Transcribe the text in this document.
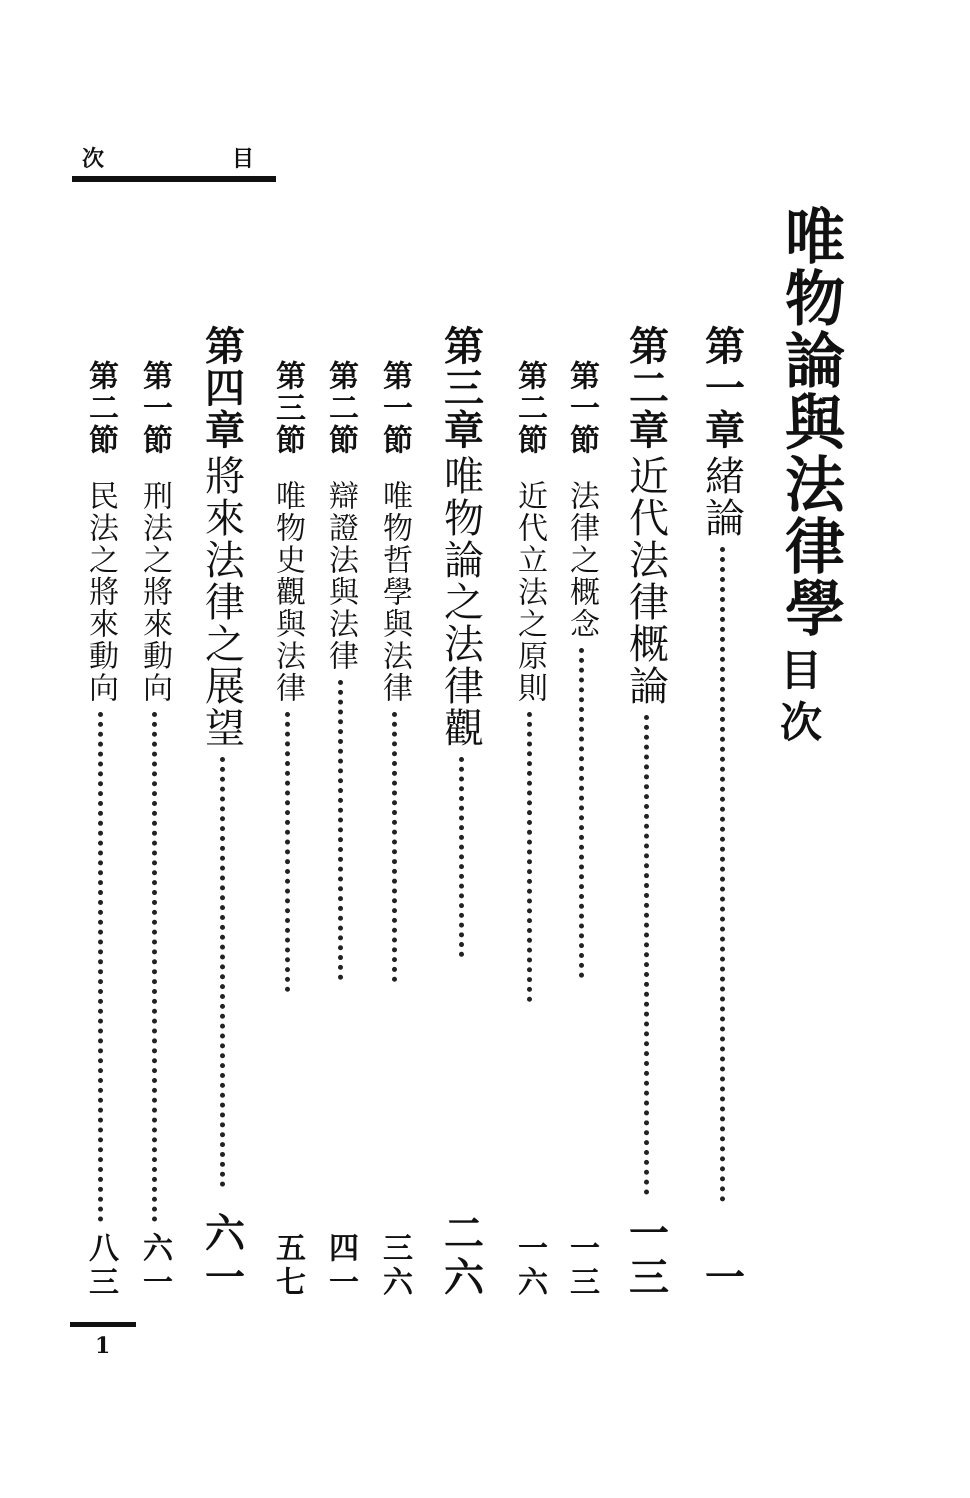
次	目
唯物論與法律學
目次
第一章
緒論
一
第二章
近代法律概論
一三
第一節
法律之概念
一三
第二節
近代立法之原則
一六
第三章
唯物論之法律觀
二六
第一節
唯物哲學與法律
三六
第二節
辯證法與法律
四一
第三節
唯物史觀與法律
五七
第四章
將來法律之展望
六一
第一節
刑法之將來動向
六一
第二節
民法之將來動向
八三
1
